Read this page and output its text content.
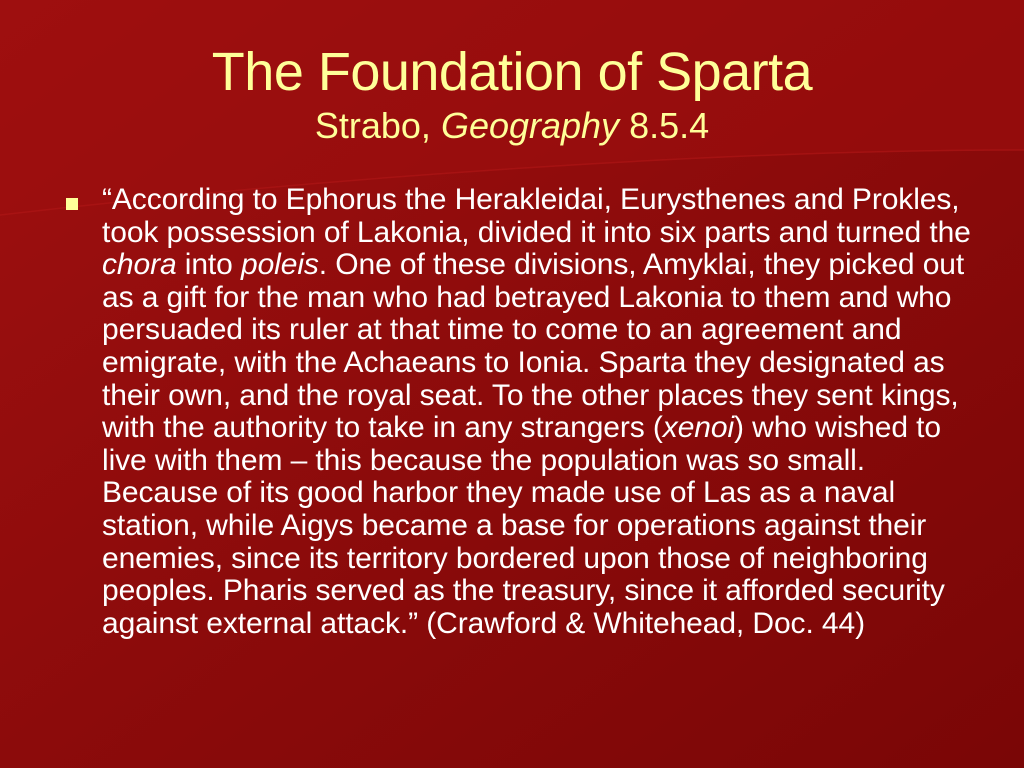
The Foundation of Sparta

Strabo, Geography 8.5.4

“According to Ephorus the Herakleidai, Eurysthenes and Prokles, took possession of Lakonia, divided it into six parts and turned the chora into poleis. One of these divisions, Amyklai, they picked out as a gift for the man who had betrayed Lakonia to them and who persuaded its ruler at that time to come to an agreement and emigrate, with the Achaeans to Ionia. Sparta they designated as their own, and the royal seat. To the other places they sent kings, with the authority to take in any strangers (xenoi) who wished to live with them – this because the population was so small. Because of its good harbor they made use of Las as a naval station, while Aigys became a base for operations against their enemies, since its territory bordered upon those of neighboring peoples. Pharis served as the treasury, since it afforded security against external attack.” (Crawford & Whitehead, Doc. 44)
